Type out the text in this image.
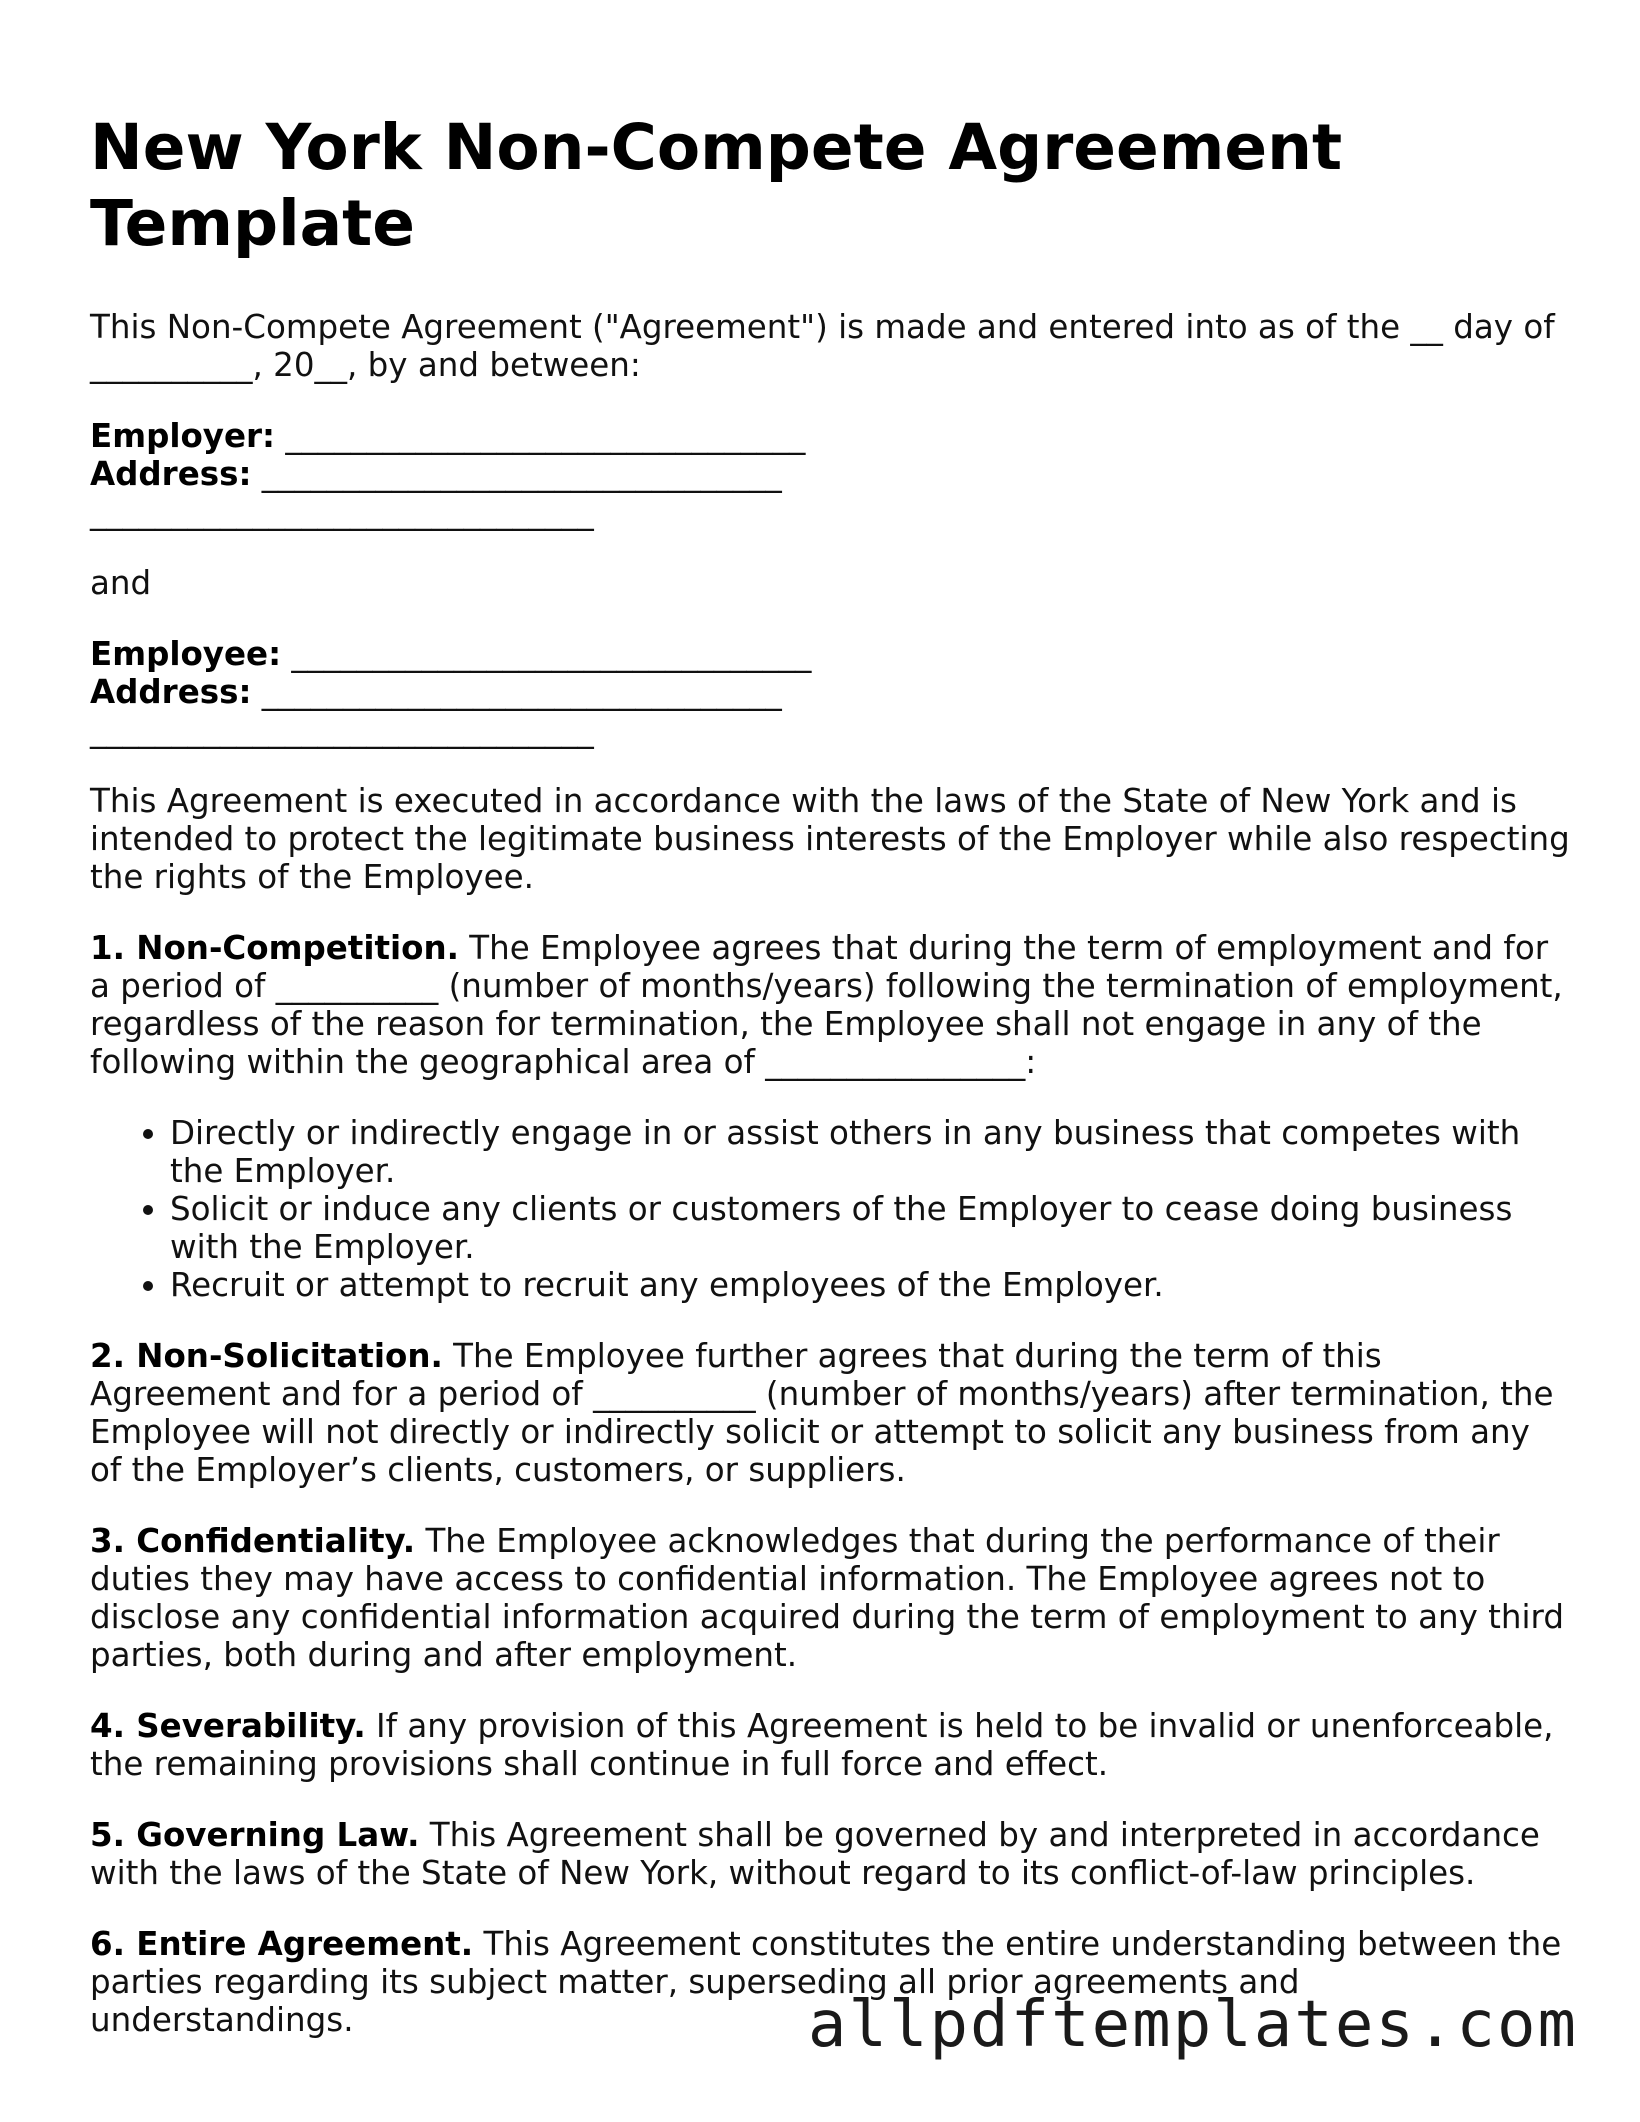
New York Non-Compete Agreement Template

This Non-Compete Agreement ("Agreement") is made and entered into as of the __ day of __________, 20__, by and between:

Employer: ________________________________
Address: ________________________________
_______________________________

and

Employee: ________________________________
Address: ________________________________
_______________________________

This Agreement is executed in accordance with the laws of the State of New York and is intended to protect the legitimate business interests of the Employer while also respecting the rights of the Employee.

1. Non-Competition. The Employee agrees that during the term of employment and for a period of __________ (number of months/years) following the termination of employment, regardless of the reason for termination, the Employee shall not engage in any of the following within the geographical area of ________________:

• Directly or indirectly engage in or assist others in any business that competes with the Employer.
• Solicit or induce any clients or customers of the Employer to cease doing business with the Employer.
• Recruit or attempt to recruit any employees of the Employer.

2. Non-Solicitation. The Employee further agrees that during the term of this Agreement and for a period of __________ (number of months/years) after termination, the Employee will not directly or indirectly solicit or attempt to solicit any business from any of the Employer’s clients, customers, or suppliers.

3. Confidentiality. The Employee acknowledges that during the performance of their duties they may have access to confidential information. The Employee agrees not to disclose any confidential information acquired during the term of employment to any third parties, both during and after employment.

4. Severability. If any provision of this Agreement is held to be invalid or unenforceable, the remaining provisions shall continue in full force and effect.

5. Governing Law. This Agreement shall be governed by and interpreted in accordance with the laws of the State of New York, without regard to its conflict-of-law principles.

6. Entire Agreement. This Agreement constitutes the entire understanding between the parties regarding its subject matter, superseding all prior agreements and understandings.	allpdftemplates.com
